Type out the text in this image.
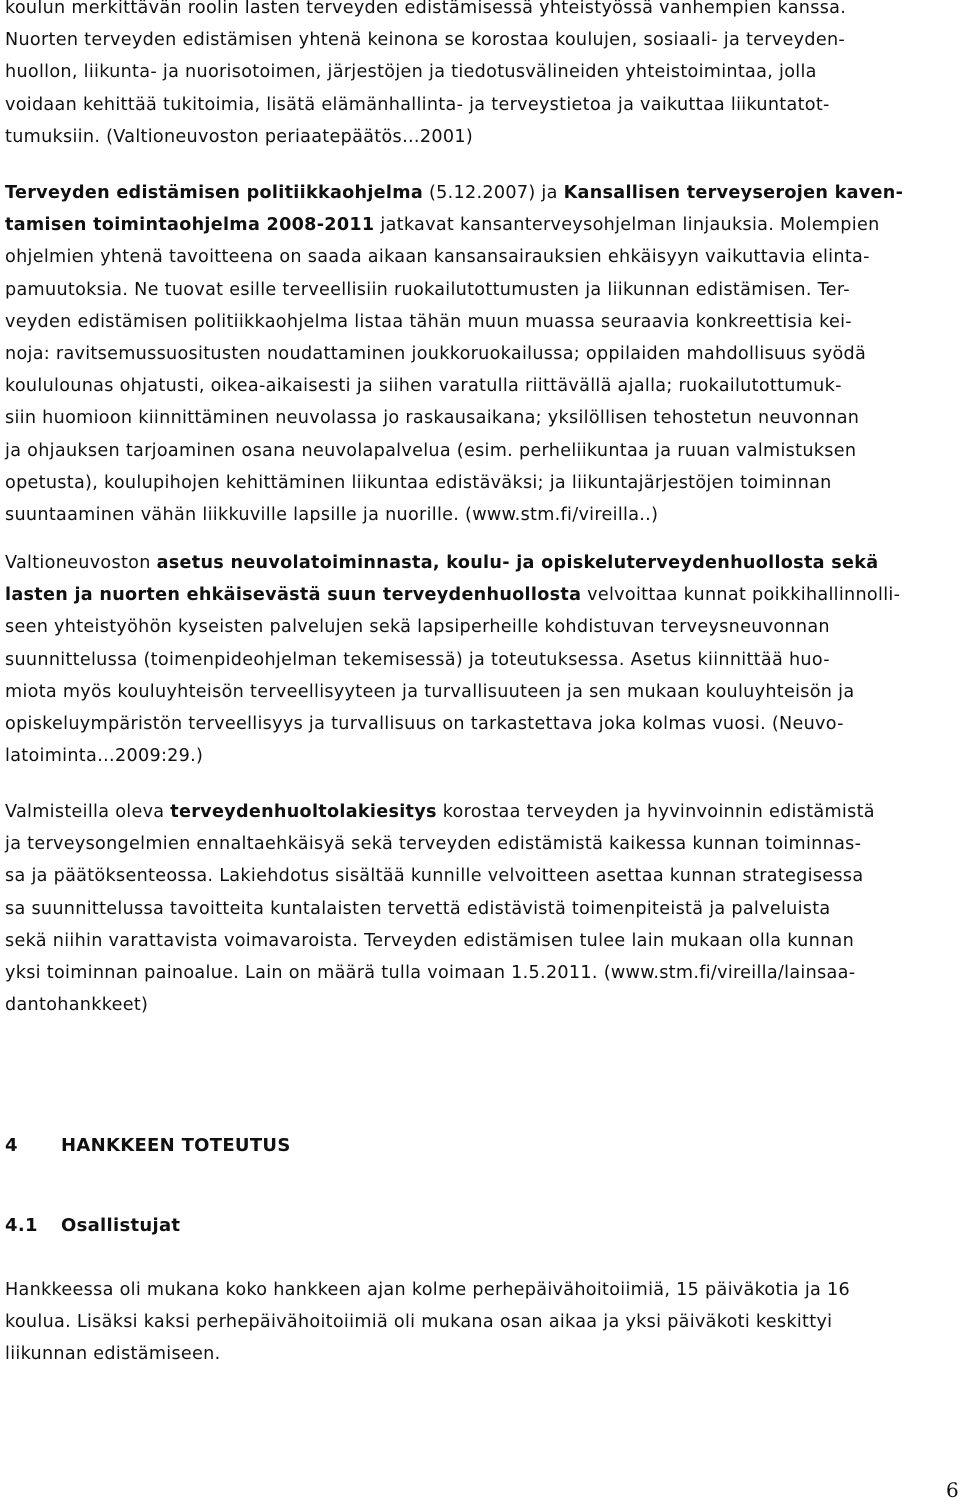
koulun merkittävän roolin lasten terveyden edistämisessä yhteistyössä vanhempien kanssa.
Nuorten terveyden edistämisen yhtenä keinona se korostaa koulujen, sosiaali- ja terveyden-
huollon, liikunta- ja nuorisotoimen, järjestöjen ja tiedotusvälineiden yhteistoimintaa, jolla
voidaan kehittää tukitoimia, lisätä elämänhallinta- ja terveystietoa ja vaikuttaa liikuntatot-
tumuksiin. (Valtioneuvoston periaatepäätös…2001)
Terveyden edistämisen politiikkaohjelma (5.12.2007) ja Kansallisen terveyserojen kaven-
tamisen toimintaohjelma 2008-2011 jatkavat kansanterveysohjelman linjauksia. Molempien
ohjelmien yhtenä tavoitteena on saada aikaan kansansairauksien ehkäisyyn vaikuttavia elinta-
pamuutoksia. Ne tuovat esille terveellisiin ruokailutottumusten ja liikunnan edistämisen. Ter-
veyden edistämisen politiikkaohjelma listaa tähän muun muassa seuraavia konkreettisia kei-
noja: ravitsemussuositusten noudattaminen joukkoruokailussa; oppilaiden mahdollisuus syödä
koululounas ohjatusti, oikea-aikaisesti ja siihen varatulla riittävällä ajalla; ruokailutottumuk-
siin huomioon kiinnittäminen neuvolassa jo raskausaikana; yksilöllisen tehostetun neuvonnan
ja ohjauksen tarjoaminen osana neuvolapalvelua (esim. perheliikuntaa ja ruuan valmistuksen
opetusta), koulupihojen kehittäminen liikuntaa edistäväksi; ja liikuntajärjestöjen toiminnan
suuntaaminen vähän liikkuville lapsille ja nuorille. (www.stm.fi/vireilla..)
Valtioneuvoston asetus neuvolatoiminnasta, koulu- ja opiskeluterveydenhuollosta sekä
lasten ja nuorten ehkäisevästä suun terveydenhuollosta velvoittaa kunnat poikkihallinnolli-
seen yhteistyöhön kyseisten palvelujen sekä lapsiperheille kohdistuvan terveysneuvonnan
suunnittelussa (toimenpideohjelman tekemisessä) ja toteutuksessa. Asetus kiinnittää huo-
miota myös kouluyhteisön terveellisyyteen ja turvallisuuteen ja sen mukaan kouluyhteisön ja
opiskeluympäristön terveellisyys ja turvallisuus on tarkastettava joka kolmas vuosi. (Neuvo-
latoiminta…2009:29.)
Valmisteilla oleva terveydenhuoltolakiesitys korostaa terveyden ja hyvinvoinnin edistämistä
ja terveysongelmien ennaltaehkäisyä sekä terveyden edistämistä kaikessa kunnan toiminnas-
sa ja päätöksenteossa. Lakiehdotus sisältää kunnille velvoitteen asettaa kunnan strategisessa
sa suunnittelussa tavoitteita kuntalaisten tervettä edistävistä toimenpiteistä ja palveluista
sekä niihin varattavista voimavaroista. Terveyden edistämisen tulee lain mukaan olla kunnan
yksi toiminnan painoalue. Lain on määrä tulla voimaan 1.5.2011. (www.stm.fi/vireilla/lainsaa-
dantohankkeet)
4 HANKKEEN TOTEUTUS
4.1 Osallistujat
Hankkeessa oli mukana koko hankkeen ajan kolme perhepäivähoitoiimiä, 15 päiväkotia ja 16
koulua. Lisäksi kaksi perhepäivähoitoiimiä oli mukana osan aikaa ja yksi päiväkoti keskittyi
liikunnan edistämiseen.
6
